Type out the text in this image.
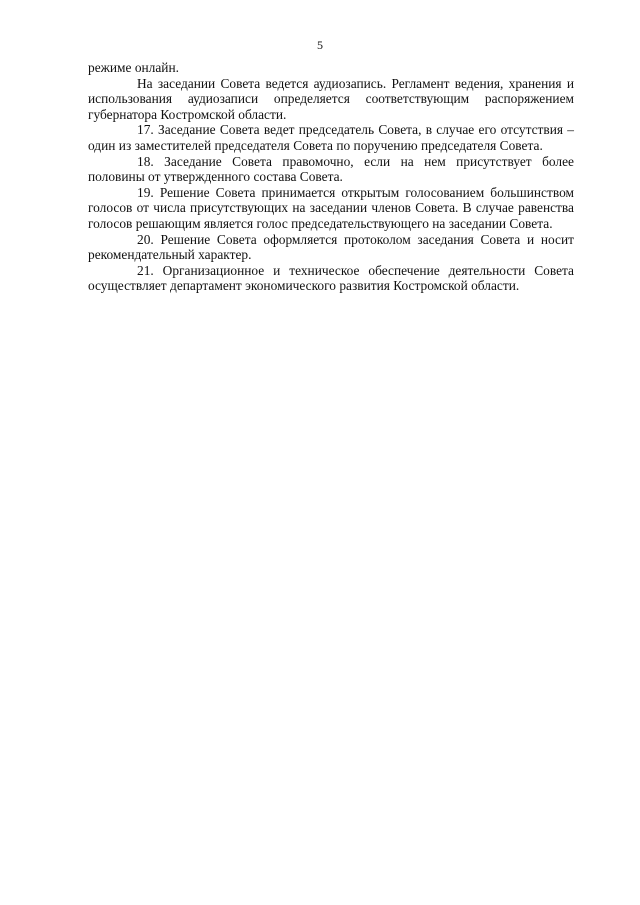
5

режиме онлайн.

На заседании Совета ведется аудиозапись. Регламент ведения, хранения и использования аудиозаписи определяется соответствующим распоряжением губернатора Костромской области.

17. Заседание Совета ведет председатель Совета, в случае его отсутствия – один из заместителей председателя Совета по поручению председателя Совета.

18. Заседание Совета правомочно, если на нем присутствует более половины от утвержденного состава Совета.

19. Решение Совета принимается открытым голосованием большинством голосов от числа присутствующих на заседании членов Совета. В случае равенства голосов решающим является голос председательствующего на заседании Совета.

20. Решение Совета оформляется протоколом заседания Совета и носит рекомендательный характер.

21. Организационное и техническое обеспечение деятельности Совета осуществляет департамент экономического развития Костромской области.
